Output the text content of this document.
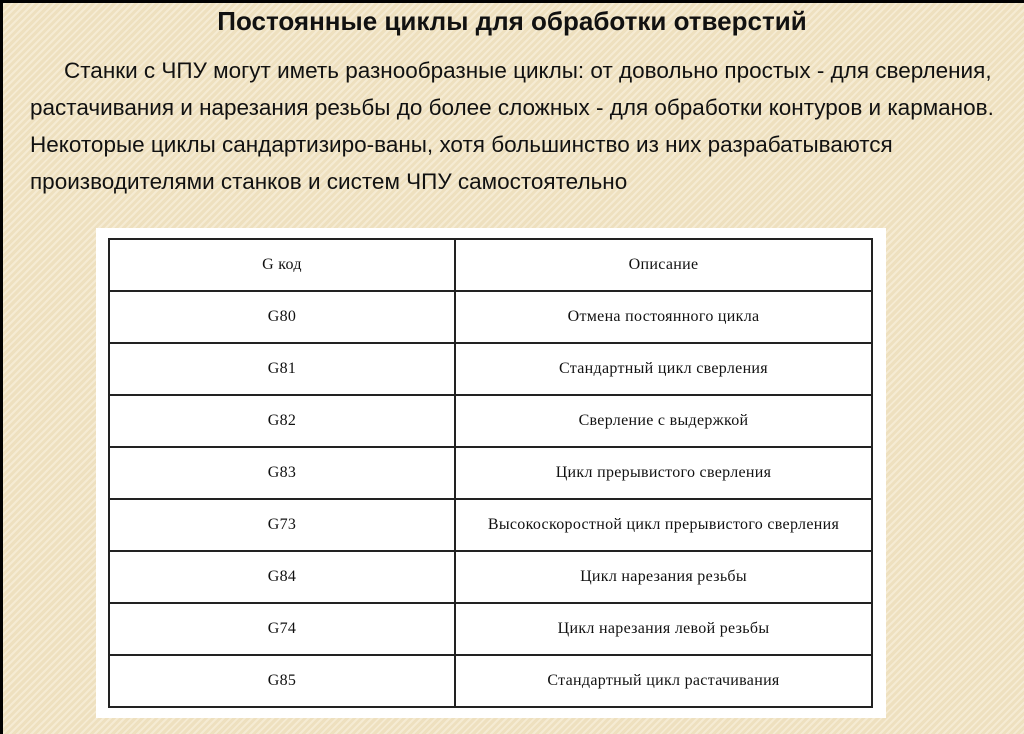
Постоянные циклы для обработки отверстий
Станки с ЧПУ могут иметь разнообразные циклы: от довольно простых - для сверления, растачивания и нарезания резьбы до более сложных - для обработки контуров и карманов. Некоторые циклы сандартизиро-ваны, хотя большинство из них разрабатываются производителями станков и систем ЧПУ самостоятельно
G код	Описание
G80	Отмена постоянного цикла
G81	Стандартный цикл сверления
G82	Сверление с выдержкой
G83	Цикл прерывистого сверления
G73	Высокоскоростной цикл прерывистого сверления
G84	Цикл нарезания резьбы
G74	Цикл нарезания левой резьбы
G85	Стандартный цикл растачивания
